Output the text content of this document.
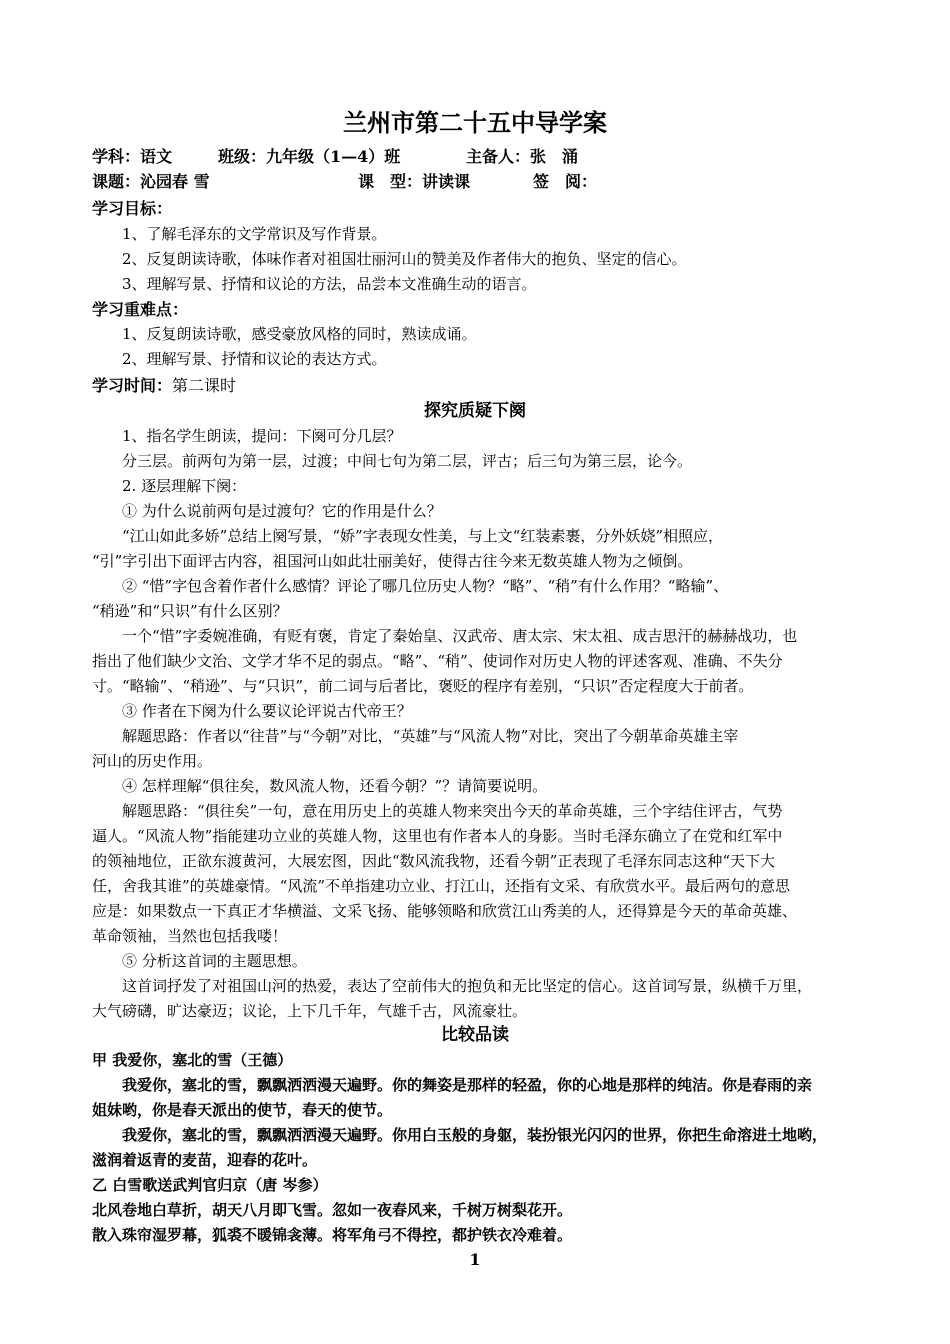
兰州市第二十五中导学案
学科：语文	班级：九年级（1—4）班	主备人：张　涌
课题：沁园春 雪	课　型：讲读课	签　阅：
学习目标：
1、了解毛泽东的文学常识及写作背景。
2、反复朗读诗歌，体味作者对祖国壮丽河山的赞美及作者伟大的抱负、坚定的信心。
3、理解写景、抒情和议论的方法，品尝本文准确生动的语言。
学习重难点：
1、反复朗读诗歌，感受豪放风格的同时，熟读成诵。
2、理解写景、抒情和议论的表达方式。
学习时间：第二课时
探究质疑下阕
1、指名学生朗读，提问：下阕可分几层？
分三层。前两句为第一层，过渡；中间七句为第二层，评古；后三句为第三层，论今。
2. 逐层理解下阕：
① 为什么说前两句是过渡句？它的作用是什么？
“江山如此多娇”总结上阕写景，“娇”字表现女性美，与上文“红装素裹，分外妖娆”相照应，
“引”字引出下面评古内容，祖国河山如此壮丽美好，使得古往今来无数英雄人物为之倾倒。
② “惜”字包含着作者什么感情？评论了哪几位历史人物？“略”、“稍”有什么作用？“略输”、
“稍逊”和“只识”有什么区别？
一个“惜”字委婉准确，有贬有褒，肯定了秦始皇、汉武帝、唐太宗、宋太祖、成吉思汗的赫赫战功，也
指出了他们缺少文治、文学才华不足的弱点。“略”、“稍”、使词作对历史人物的评述客观、准确、不失分
寸。“略输”、“稍逊”、与“只识”，前二词与后者比，褒贬的程序有差别，“只识”否定程度大于前者。
③ 作者在下阕为什么要议论评说古代帝王？
解题思路：作者以“往昔”与“今朝”对比，“英雄”与“风流人物”对比，突出了今朝革命英雄主宰
河山的历史作用。
④ 怎样理解“俱往矣，数风流人物，还看今朝？”？请简要说明。
解题思路：“俱往矣”一句，意在用历史上的英雄人物来突出今天的革命英雄，三个字结住评古，气势
逼人。“风流人物”指能建功立业的英雄人物，这里也有作者本人的身影。当时毛泽东确立了在党和红军中
的领袖地位，正欲东渡黄河，大展宏图，因此“数风流我物，还看今朝”正表现了毛泽东同志这种“天下大
任，舍我其谁”的英雄豪情。“风流”不单指建功立业、打江山，还指有文采、有欣赏水平。最后两句的意思
应是：如果数点一下真正才华横溢、文采飞扬、能够领略和欣赏江山秀美的人，还得算是今天的革命英雄、
革命领袖，当然也包括我喽！
⑤ 分析这首词的主题思想。
这首词抒发了对祖国山河的热爱，表达了空前伟大的抱负和无比坚定的信心。这首词写景，纵横千万里，
大气磅礴，旷达豪迈；议论，上下几千年，气雄千古，风流豪壮。
比较品读
甲 我爱你，塞北的雪（王德）
我爱你，塞北的雪，飘飘洒洒漫天遍野。你的舞姿是那样的轻盈，你的心地是那样的纯洁。你是春雨的亲
姐妹哟，你是春天派出的使节，春天的使节。
我爱你，塞北的雪，飘飘洒洒漫天遍野。你用白玉般的身躯，装扮银光闪闪的世界，你把生命溶进土地哟，
滋润着返青的麦苗，迎春的花叶。
乙 白雪歌送武判官归京（唐 岑参）
北风卷地白草折，胡天八月即飞雪。忽如一夜春风来，千树万树梨花开。
散入珠帘湿罗幕，狐裘不暖锦衾薄。将军角弓不得控，都护铁衣冷难着。
1
